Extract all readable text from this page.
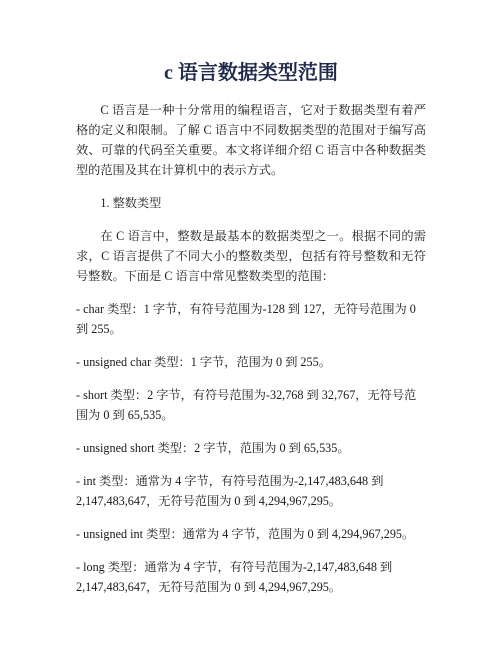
c 语言数据类型范围

C 语言是一种十分常用的编程语言，它对于数据类型有着严格的定义和限制。了解 C 语言中不同数据类型的范围对于编写高效、可靠的代码至关重要。本文将详细介绍 C 语言中各种数据类型的范围及其在计算机中的表示方式。

1. 整数类型

在 C 语言中，整数是最基本的数据类型之一。根据不同的需求，C 语言提供了不同大小的整数类型，包括有符号整数和无符号整数。下面是 C 语言中常见整数类型的范围：

- char 类型：1 字节，有符号范围为-128 到 127，无符号范围为 0 到 255。

- unsigned char 类型：1 字节，范围为 0 到 255。

- short 类型：2 字节，有符号范围为-32,768 到 32,767，无符号范围为 0 到 65,535。

- unsigned short 类型：2 字节，范围为 0 到 65,535。

- int 类型：通常为 4 字节，有符号范围为-2,147,483,648 到 2,147,483,647，无符号范围为 0 到 4,294,967,295。

- unsigned int 类型：通常为 4 字节，范围为 0 到 4,294,967,295。

- long 类型：通常为 4 字节，有符号范围为-2,147,483,648 到 2,147,483,647，无符号范围为 0 到 4,294,967,295。
